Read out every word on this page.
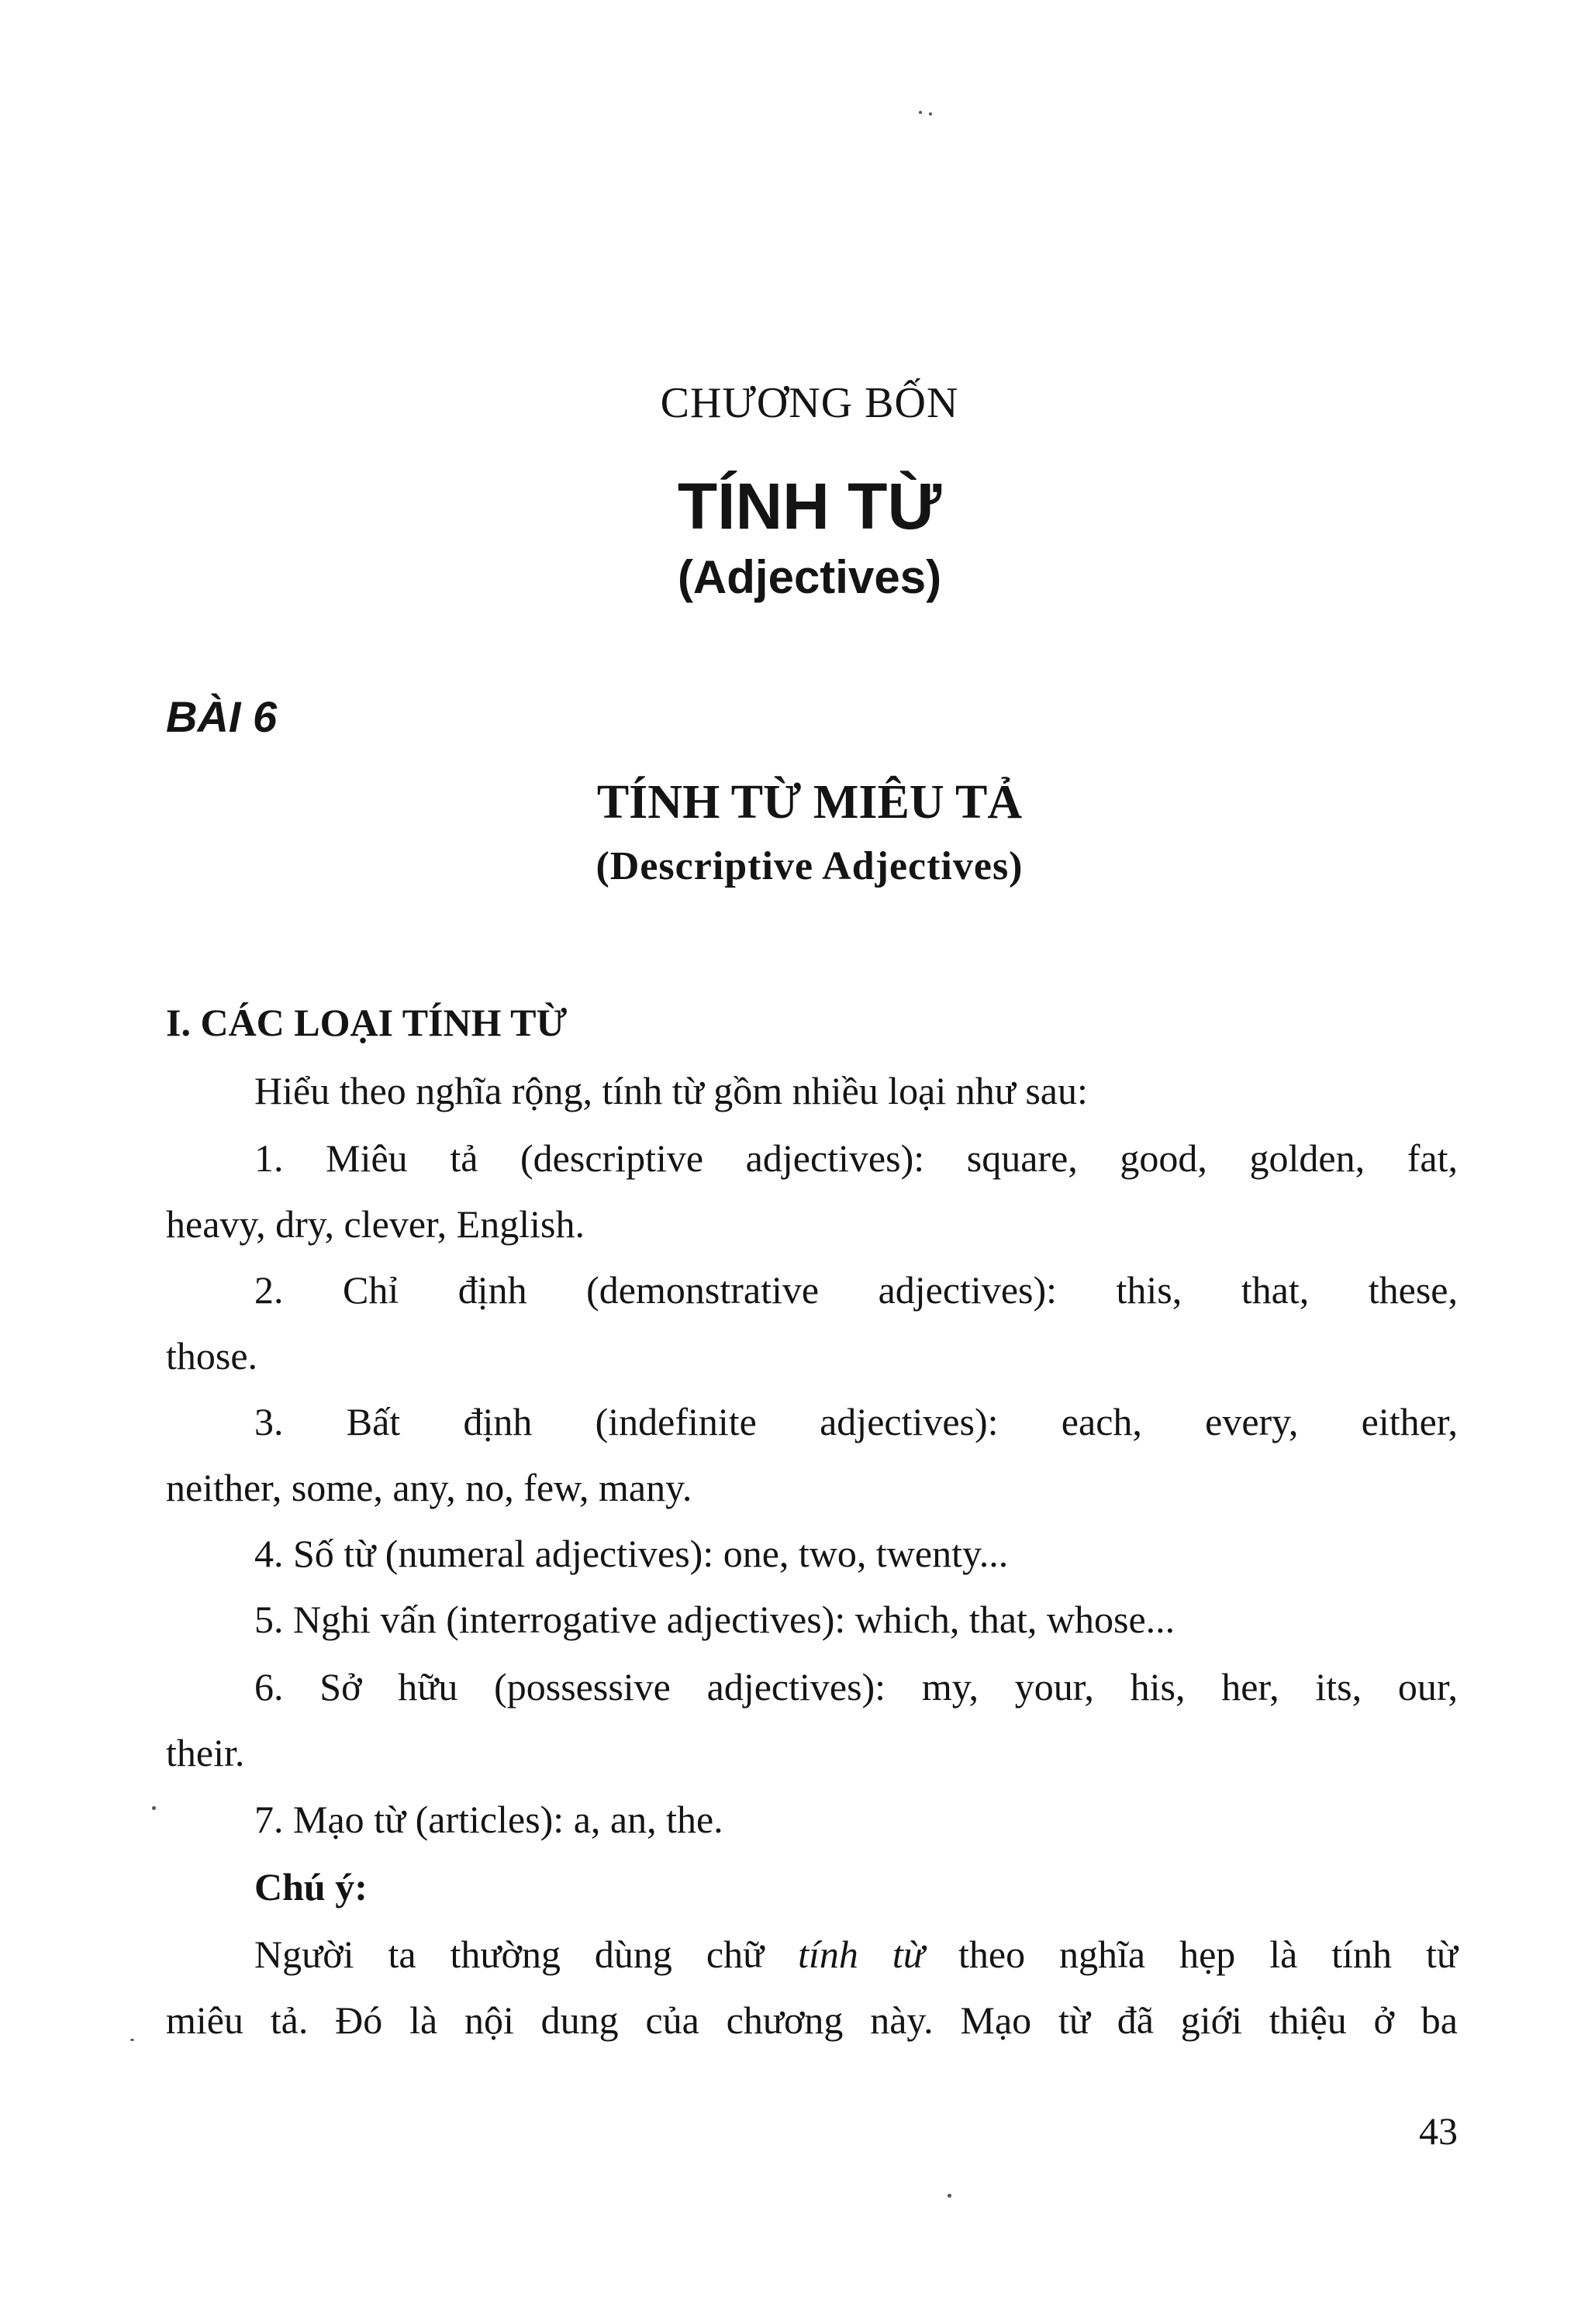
CHƯƠNG BỐN
TÍNH TỪ
(Adjectives)
BÀI 6
TÍNH TỪ MIÊU TẢ
(Descriptive Adjectives)
I. CÁC LOẠI TÍNH TỪ
Hiểu theo nghĩa rộng, tính từ gồm nhiều loại như sau:
1. Miêu tả (descriptive adjectives): square, good, golden, fat,
heavy, dry, clever, English.
2. Chỉ định (demonstrative adjectives): this, that, these,
those.
3. Bất định (indefinite adjectives): each, every, either,
neither, some, any, no, few, many.
4. Số từ (numeral adjectives): one, two, twenty...
5. Nghi vấn (interrogative adjectives): which, that, whose...
6. Sở hữu (possessive adjectives): my, your, his, her, its, our,
their.
7. Mạo từ (articles): a, an, the.
Chú ý:
Người ta thường dùng chữ tính từ theo nghĩa hẹp là tính từ
miêu tả. Đó là nội dung của chương này. Mạo từ đã giới thiệu ở ba
43
